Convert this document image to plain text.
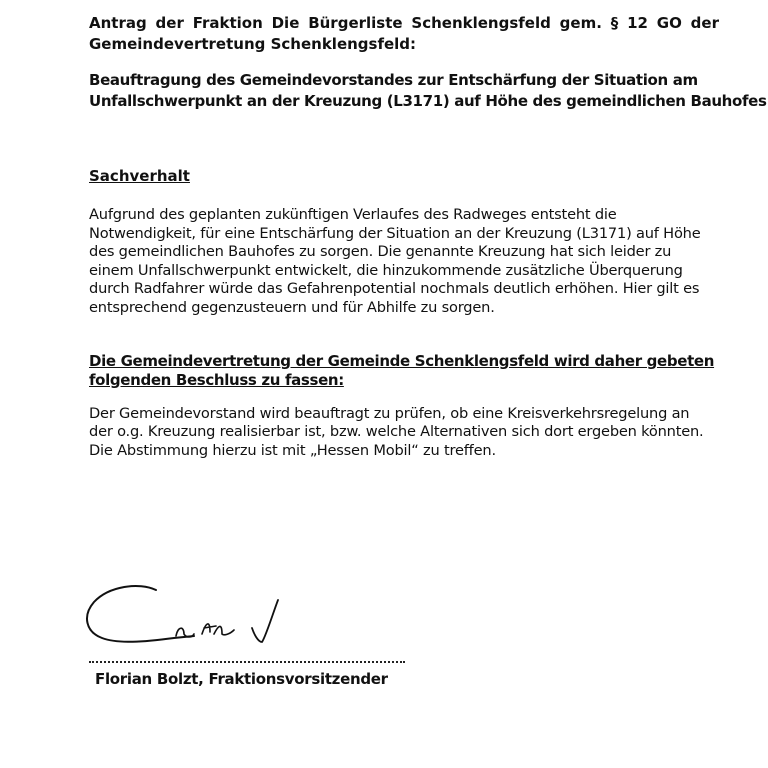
Antrag der Fraktion Die Bürgerliste Schenklengsfeld gem. § 12 GO der
Gemeindevertretung Schenklengsfeld:
Beauftragung des Gemeindevorstandes zur Entschärfung der Situation am
Unfallschwerpunkt an der Kreuzung (L3171) auf Höhe des gemeindlichen Bauhofes
Sachverhalt
Aufgrund des geplanten zukünftigen Verlaufes des Radweges entsteht die
Notwendigkeit, für eine Entschärfung der Situation an der Kreuzung (L3171) auf Höhe
des gemeindlichen Bauhofes zu sorgen. Die genannte Kreuzung hat sich leider zu
einem Unfallschwerpunkt entwickelt, die hinzukommende zusätzliche Überquerung
durch Radfahrer würde das Gefahrenpotential nochmals deutlich erhöhen. Hier gilt es
entsprechend gegenzusteuern und für Abhilfe zu sorgen.
Die Gemeindevertretung der Gemeinde Schenklengsfeld wird daher gebeten
folgenden Beschluss zu fassen:
Der Gemeindevorstand wird beauftragt zu prüfen, ob eine Kreisverkehrsregelung an
der o.g. Kreuzung realisierbar ist, bzw. welche Alternativen sich dort ergeben könnten.
Die Abstimmung hierzu ist mit „Hessen Mobil“ zu treffen.
Florian Bolzt, Fraktionsvorsitzender
